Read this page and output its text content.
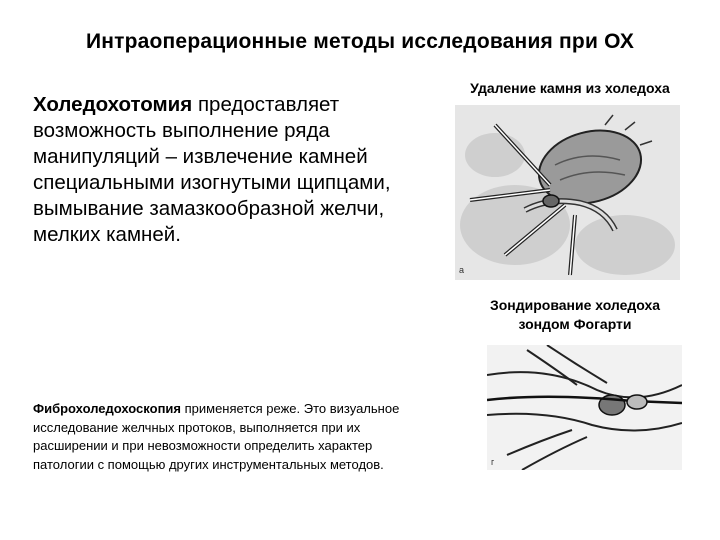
Интраоперационные методы исследования при ОХ
Холедохотомия предоставляет возможность выполнение ряда манипуляций – извлечение камней специальными изогнутыми щипцами, вымывание замазкообразной желчи, мелких камней.
Фиброхоледохоскопия применяется реже. Это визуальное исследование желчных протоков, выполняется при их расширении и при невозможности определить характер патологии с помощью других инструментальных методов.
Удаление камня из холедоха
а
Зондирование холедоха
зондом Фогарти
г
